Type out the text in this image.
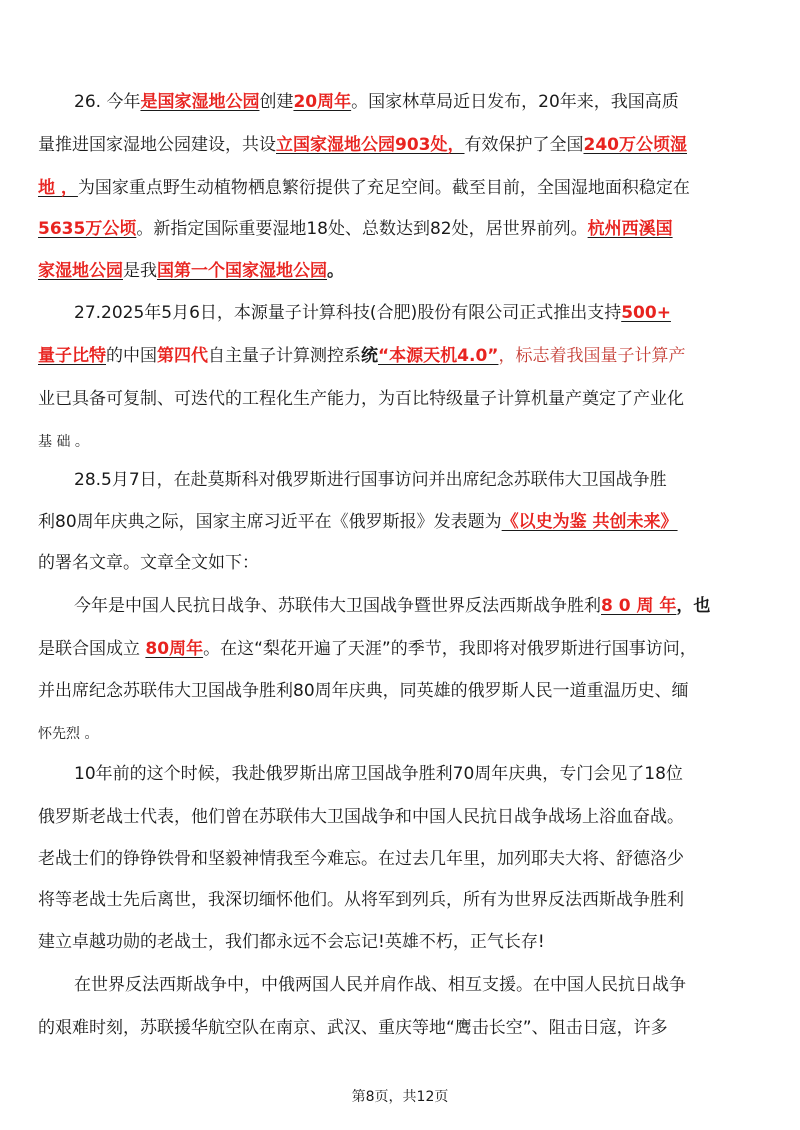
26. 今年是国家湿地公园创建20周年。国家林草局近日发布，20年来，我国高质
量推进国家湿地公园建设，共设立国家湿地公园903处，有效保护了全国240万公顷湿
地 ，为国家重点野生动植物栖息繁衍提供了充足空间。截至目前，全国湿地面积稳定在
5635万公顷。新指定国际重要湿地18处、总数达到82处，居世界前列。杭州西溪国
家湿地公园是我国第一个国家湿地公园。
27.2025年5月6日，本源量子计算科技(合肥)股份有限公司正式推出支持500+
量子比特的中国第四代自主量子计算测控系统“本源天机4.0”，标志着我国量子计算产
业已具备可复制、可迭代的工程化生产能力，为百比特级量子计算机量产奠定了产业化
基 础 。
28.5月7日，在赴莫斯科对俄罗斯进行国事访问并出席纪念苏联伟大卫国战争胜
利80周年庆典之际，国家主席习近平在《俄罗斯报》发表题为《以史为鉴 共创未来》
的署名文章。文章全文如下：
今年是中国人民抗日战争、苏联伟大卫国战争暨世界反法西斯战争胜利8 0 周 年，也
是联合国成立 80周年。在这“梨花开遍了天涯”的季节，我即将对俄罗斯进行国事访问，
并出席纪念苏联伟大卫国战争胜利80周年庆典，同英雄的俄罗斯人民一道重温历史、缅
怀先烈 。
10年前的这个时候，我赴俄罗斯出席卫国战争胜利70周年庆典，专门会见了18位
俄罗斯老战士代表，他们曾在苏联伟大卫国战争和中国人民抗日战争战场上浴血奋战。
老战士们的铮铮铁骨和坚毅神情我至今难忘。在过去几年里，加列耶夫大将、舒德洛少
将等老战士先后离世，我深切缅怀他们。从将军到列兵，所有为世界反法西斯战争胜利
建立卓越功勋的老战士，我们都永远不会忘记!英雄不朽，正气长存!
在世界反法西斯战争中，中俄两国人民并肩作战、相互支援。在中国人民抗日战争
的艰难时刻，苏联援华航空队在南京、武汉、重庆等地“鹰击长空”、阻击日寇，许多
第8页，共12页
